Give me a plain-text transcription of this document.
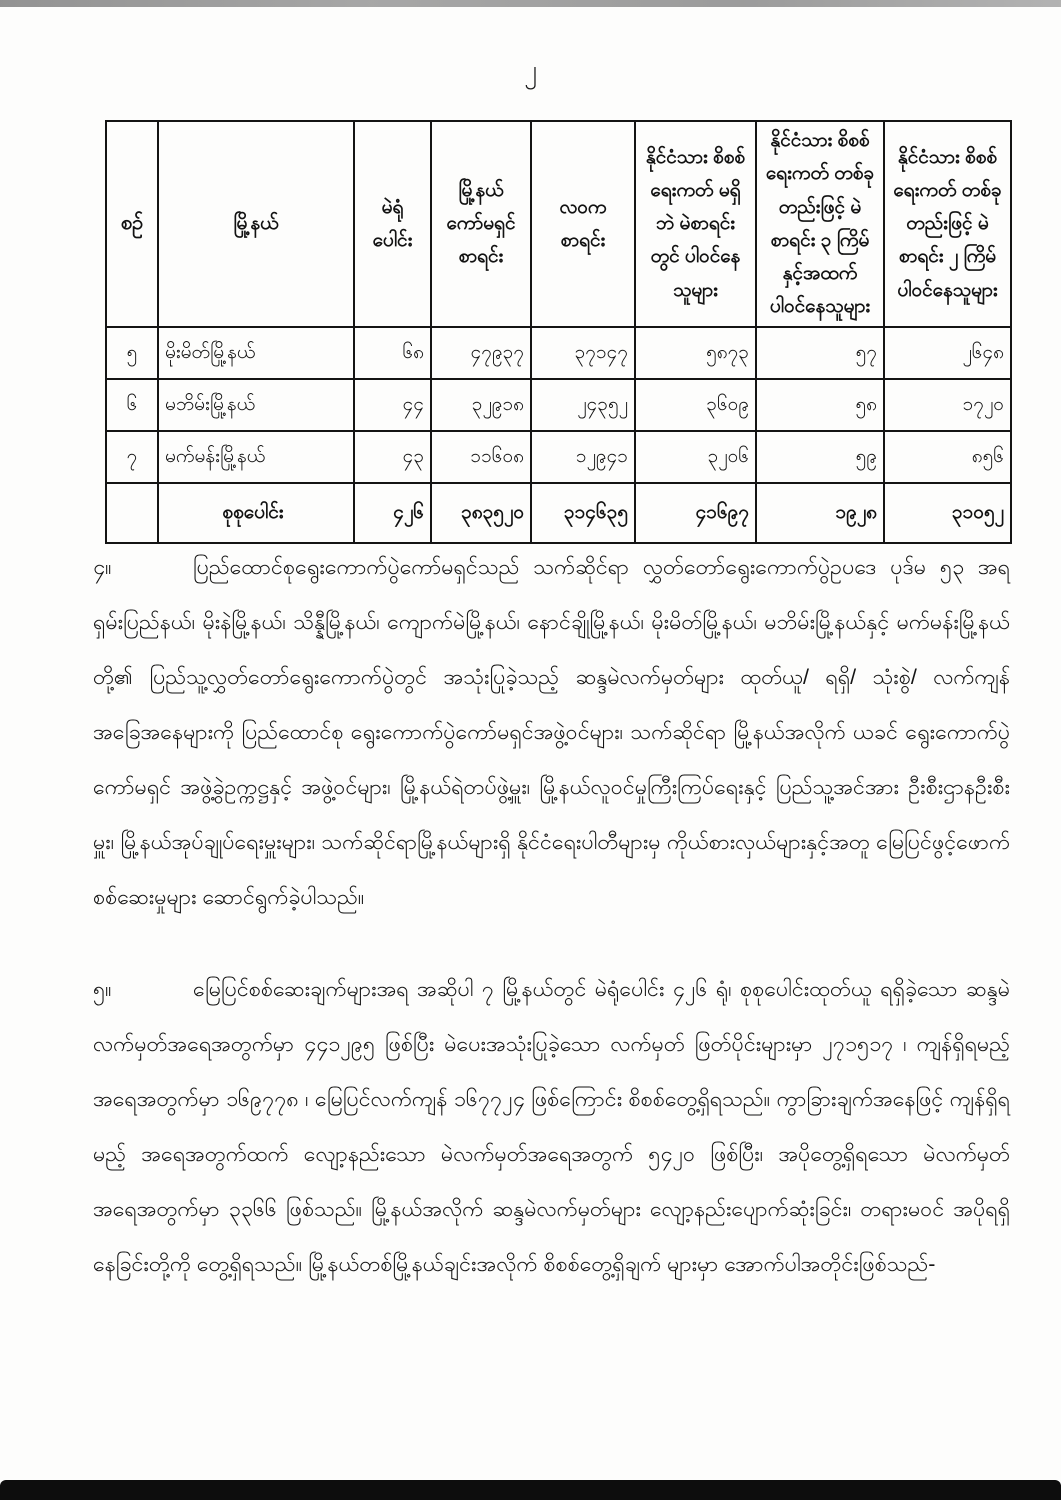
၂
စဉ်	မြို့နယ်	မဲရုံ ပေါင်း	မြို့နယ် ကော်မရှင် စာရင်း	လဝက စာရင်း	နိုင်ငံသား စိစစ်ရေးကတ် မရှိဘဲ မဲစာရင်းတွင် ပါဝင်နေသူများ	နိုင်ငံသား စိစစ်ရေးကတ် တစ်ခုတည်းဖြင့် မဲစာရင်း ၃ ကြိမ် နှင့်အထက် ပါဝင်နေသူများ	နိုင်ငံသား စိစစ်ရေးကတ် တစ်ခုတည်းဖြင့် မဲစာရင်း ၂ ကြိမ် ပါဝင်နေသူများ
၅	မိုးမိတ်မြို့နယ်	၆၈	၄၇၉၃၇	၃၇၁၄၇	၅၈၇၃	၅၇	၂၆၄၈
၆	မဘိမ်းမြို့နယ်	၄၄	၃၂၉၁၈	၂၄၃၅၂	၃၆၀၉	၅၈	၁၇၂၀
၇	မက်မန်းမြို့နယ်	၄၃	၁၁၆၀၈	၁၂၉၄၁	၃၂၀၆	၅၉	၈၅၆
	စုစုပေါင်း	၄၂၆	၃၈၃၅၂၀	၃၁၄၆၃၅	၄၁၆၉၇	၁၉၂၈	၃၁၀၅၂

၄။	ပြည်ထောင်စုရွေးကောက်ပွဲကော်မရှင်သည် သက်ဆိုင်ရာ လွှတ်တော်ရွေးကောက်ပွဲဥပဒေ ပုဒ်မ ၅၃ အရ ရှမ်းပြည်နယ်၊ မိုးနဲမြို့နယ်၊ သိန္နီမြို့နယ်၊ ကျောက်မဲမြို့နယ်၊ နောင်ချိုမြို့နယ်၊ မိုးမိတ်မြို့နယ်၊ မဘိမ်းမြို့နယ်နှင့် မက်မန်းမြို့နယ်တို့၏ ပြည်သူ့လွှတ်တော်ရွေးကောက်ပွဲတွင် အသုံးပြုခဲ့သည့် ဆန္ဒမဲလက်မှတ်များ ထုတ်ယူ/ ရရှိ/ သုံးစွဲ/ လက်ကျန်အခြေအနေများကို ပြည်ထောင်စု ရွေးကောက်ပွဲကော်မရှင်အဖွဲ့ဝင်များ၊ သက်ဆိုင်ရာ မြို့နယ်အလိုက် ယခင် ရွေးကောက်ပွဲကော်မရှင် အဖွဲ့ခွဲဥက္ကဋ္ဌနှင့် အဖွဲ့ဝင်များ၊ မြို့နယ်ရဲတပ်ဖွဲ့မှူး၊ မြို့နယ်လူဝင်မှုကြီးကြပ်ရေးနှင့် ပြည်သူ့အင်အား ဦးစီးဌာနဦးစီးမှူး၊ မြို့နယ်အုပ်ချုပ်ရေးမှူးများ၊ သက်ဆိုင်ရာမြို့နယ်များရှိ နိုင်ငံရေးပါတီများမှ ကိုယ်စားလှယ်များနှင့်အတူ မြေပြင်ဖွင့်ဖောက်စစ်ဆေးမှုများ ဆောင်ရွက်ခဲ့ပါသည်။

၅။	မြေပြင်စစ်ဆေးချက်များအရ အဆိုပါ ၇ မြို့နယ်တွင် မဲရုံပေါင်း ၄၂၆ ရုံ၊ စုစုပေါင်းထုတ်ယူ ရရှိခဲ့သော ဆန္ဒမဲလက်မှတ်အရေအတွက်မှာ ၄၄၁၂၉၅ ဖြစ်ပြီး မဲပေးအသုံးပြုခဲ့သော လက်မှတ် ဖြတ်ပိုင်းများမှာ ၂၇၁၅၁၇ ၊ ကျန်ရှိရမည့်အရေအတွက်မှာ ၁၆၉၇၇၈ ၊ မြေပြင်လက်ကျန် ၁၆၇၇၂၄ ဖြစ်ကြောင်း စိစစ်တွေ့ရှိရသည်။ ကွာခြားချက်အနေဖြင့် ကျန်ရှိရမည့် အရေအတွက်ထက် လျော့နည်းသော မဲလက်မှတ်အရေအတွက် ၅၄၂၀ ဖြစ်ပြီး၊ အပိုတွေ့ရှိရသော မဲလက်မှတ် အရေအတွက်မှာ ၃၃၆၆ ဖြစ်သည်။ မြို့နယ်အလိုက် ဆန္ဒမဲလက်မှတ်များ လျော့နည်းပျောက်ဆုံးခြင်း၊ တရားမဝင် အပိုရရှိနေခြင်းတို့ကို တွေ့ရှိရသည်။ မြို့နယ်တစ်မြို့နယ်ချင်းအလိုက် စိစစ်တွေ့ရှိချက် များမှာ အောက်ပါအတိုင်းဖြစ်သည်-
